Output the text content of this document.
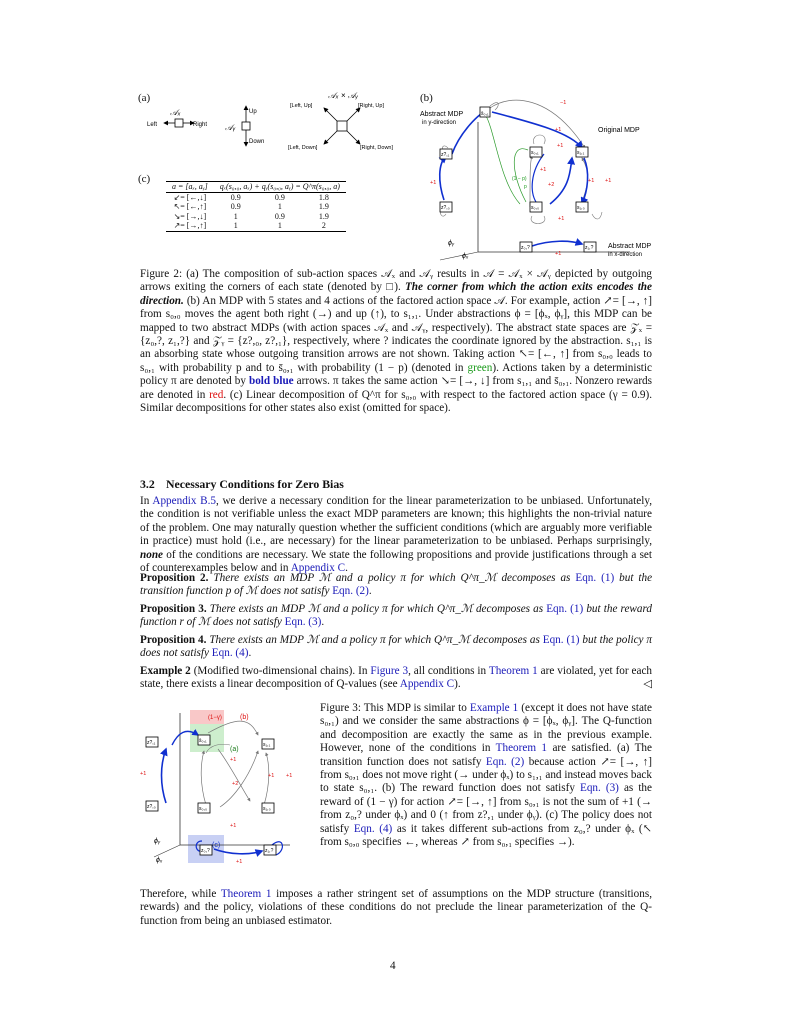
(a)
𝒜ₓ
Left	Right 𝒜ᵧ
Up
Down
𝒜ₓ × 𝒜ᵧ
[Left, Up]	[Right, Up]
[Left, Down]	[Right, Down]
(c)
a = [aₓ, aᵧ]	qₓ(s₀,₀, aₓ) + qᵧ(s₀,₀, aᵧ) = Q^π(s₀,₀, a)		
↙= [←,↓]	0.9	0.9	1.8
↖= [←,↑]	0.9	1	1.9
↘= [→,↓]	1	0.9	1.9
↗= [→,↑]	1	1	2
(b)
ϕᵧ
ϕₓ
Abstract MDP
in y-direction
Original MDP
Abstract MDP
in x-direction
s̄₀,₁
z?,₁
z?,₀
s₀,₁	s₁,₁
s₀,₀	s₁,₀
z₀,?	z₁,?
−1
+1
+1
+1
+2
+1 +1
+1
+1
+1
(1 − p)
p

Figure 2: (a) The composition of sub-action spaces 𝒜ₓ and 𝒜ᵧ results in 𝒜 = 𝒜ₓ × 𝒜ᵧ depicted by outgoing arrows exiting the corners of each state (denoted by □). The corner from which the action exits encodes the direction. (b) An MDP with 5 states and 4 actions of the factored action space 𝒜. For example, action ↗= [→, ↑] from s₀,₀ moves the agent both right (→) and up (↑), to s₁,₁. Under abstractions ϕ = [ϕₓ, ϕᵧ], this MDP can be mapped to two abstract MDPs (with action spaces 𝒜ₓ and 𝒜ᵧ, respectively). The abstract state spaces are 𝒵ₓ = {z₀,?, z₁,?} and 𝒵ᵧ = {z?,₀, z?,₁}, respectively, where ? indicates the coordinate ignored by the abstraction. s₁,₁ is an absorbing state whose outgoing transition arrows are not shown. Taking action ↖= [←, ↑] from s₀,₀ leads to s₀,₁ with probability p and to s̄₀,₁ with probability (1 − p) (denoted in green). Actions taken by a deterministic policy π are denoted by bold blue arrows. π takes the same action ↘= [→, ↓] from s₁,₁ and s̄₀,₁. Nonzero rewards are denoted in red. (c) Linear decomposition of Q^π for s₀,₀ with respect to the factored action space (γ = 0.9). Similar decompositions for other states also exist (omitted for space).

3.2 Necessary Conditions for Zero Bias

In Appendix B.5, we derive a necessary condition for the linear parameterization to be unbiased. Unfortunately, the condition is not verifiable unless the exact MDP parameters are known; this highlights the non-trivial nature of the problem. One may naturally question whether the sufficient conditions (which are arguably more verifiable in practice) must hold (i.e., are necessary) for the linear parameterization to be unbiased. Perhaps surprisingly, none of the conditions are necessary. We state the following propositions and provide justifications through a set of counterexamples below and in Appendix C.

Proposition 2. There exists an MDP ℳ and a policy π for which Q^π_ℳ decomposes as Eqn. (1) but the transition function p of ℳ does not satisfy Eqn. (2).

Proposition 3. There exists an MDP ℳ and a policy π for which Q^π_ℳ decomposes as Eqn. (1) but the reward function r of ℳ does not satisfy Eqn. (3).

Proposition 4. There exists an MDP ℳ and a policy π for which Q^π_ℳ decomposes as Eqn. (1) but the policy π does not satisfy Eqn. (4).

Example 2 (Modified two-dimensional chains). In Figure 3, all conditions in Theorem 1 are violated, yet for each state, there exists a linear decomposition of Q-values (see Appendix C).	◁

(1−γ)	(b)
(a)
(c)
ϕᵧ
ϕₓ
z?,₁
z?,₀
s̄₀,₁
s₁,₁
s₀,₀	s₁,₀
z₀,?	z₁,?
+1
+1
+2
+1 +1
+1
+1

Figure 3: This MDP is similar to Example 1 (except it does not have state s₀,₁) and we consider the same abstractions ϕ = [ϕₓ, ϕᵧ]. The Q-function and decomposition are exactly the same as in the previous example. However, none of the conditions in Theorem 1 are satisfied. (a) The transition function does not satisfy Eqn. (2) because action ↗= [→, ↑] from s₀,₁ does not move right (→ under ϕₓ) to s₁,₁ and instead moves back to state s₀,₁. (b) The reward function does not satisfy Eqn. (3) as the reward of (1 − γ) for action ↗= [→, ↑] from s₀,₁ is not the sum of +1 (→ from z₀,? under ϕₓ) and 0 (↑ from z?,₁ under ϕᵧ). (c) The policy does not satisfy Eqn. (4) as it takes different sub-actions from z₀,? under ϕₓ (↖ from s₀,₀ specifies ←, whereas ↗ from s₀,₁ specifies →).

Therefore, while Theorem 1 imposes a rather stringent set of assumptions on the MDP structure (transitions, rewards) and the policy, violations of these conditions do not preclude the linear parameterization of the Q-function from being an unbiased estimator.

4
